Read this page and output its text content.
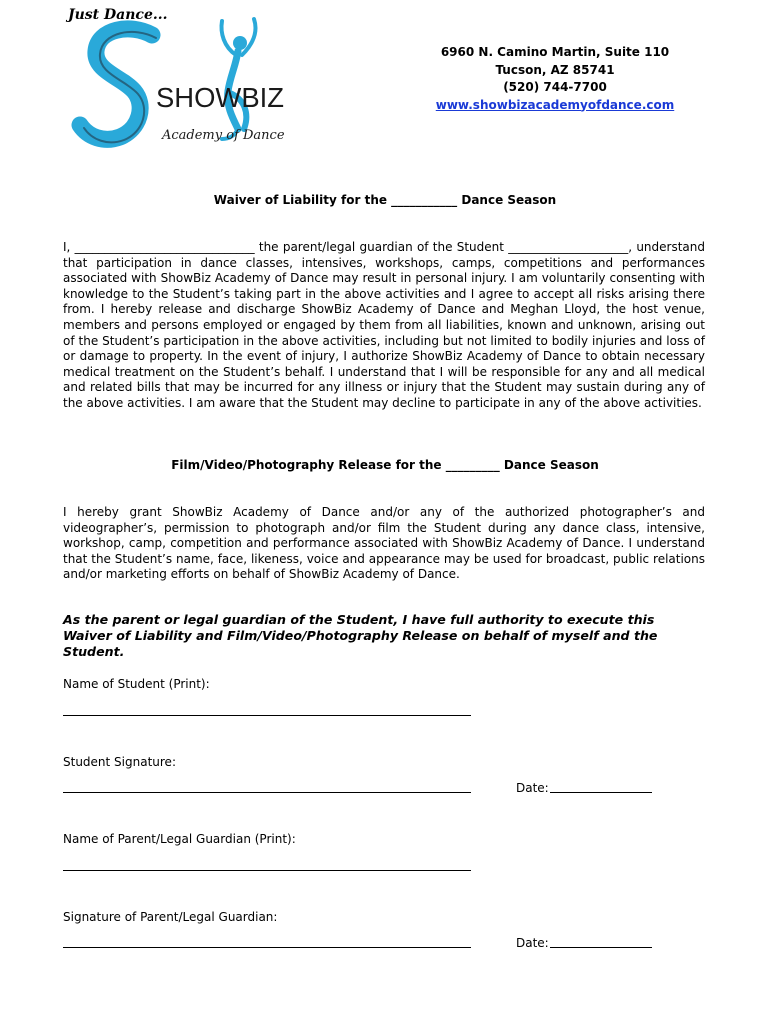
Just Dance...
SHOWBIZ
Academy of Dance
6960 N. Camino Martin, Suite 110
Tucson, AZ 85741
(520) 744-7700
www.showbizacademyofdance.com
Waiver of Liability for the ___________ Dance Season
I, ______________________________ the parent/legal guardian of the Student ____________________, understand that participation in dance classes, intensives, workshops, camps, competitions and performances associated with ShowBiz Academy of Dance may result in personal injury. I am voluntarily consenting with knowledge to the Student’s taking part in the above activities and I agree to accept all risks arising there from. I hereby release and discharge ShowBiz Academy of Dance and Meghan Lloyd, the host venue, members and persons employed or engaged by them from all liabilities, known and unknown, arising out of the Student’s participation in the above activities, including but not limited to bodily injuries and loss of or damage to property. In the event of injury, I authorize ShowBiz Academy of Dance to obtain necessary medical treatment on the Student’s behalf. I understand that I will be responsible for any and all medical and related bills that may be incurred for any illness or injury that the Student may sustain during any of the above activities. I am aware that the Student may decline to participate in any of the above activities.
Film/Video/Photography Release for the _________ Dance Season
I hereby grant ShowBiz Academy of Dance and/or any of the authorized photographer’s and videographer’s, permission to photograph and/or film the Student during any dance class, intensive, workshop, camp, competition and performance associated with ShowBiz Academy of Dance. I understand that the Student’s name, face, likeness, voice and appearance may be used for broadcast, public relations and/or marketing efforts on behalf of ShowBiz Academy of Dance.
As the parent or legal guardian of the Student, I have full authority to execute this Waiver of Liability and Film/Video/Photography Release on behalf of myself and the Student.
Name of Student (Print):
Student Signature:
Date:
Name of Parent/Legal Guardian (Print):
Signature of Parent/Legal Guardian:
Date:
